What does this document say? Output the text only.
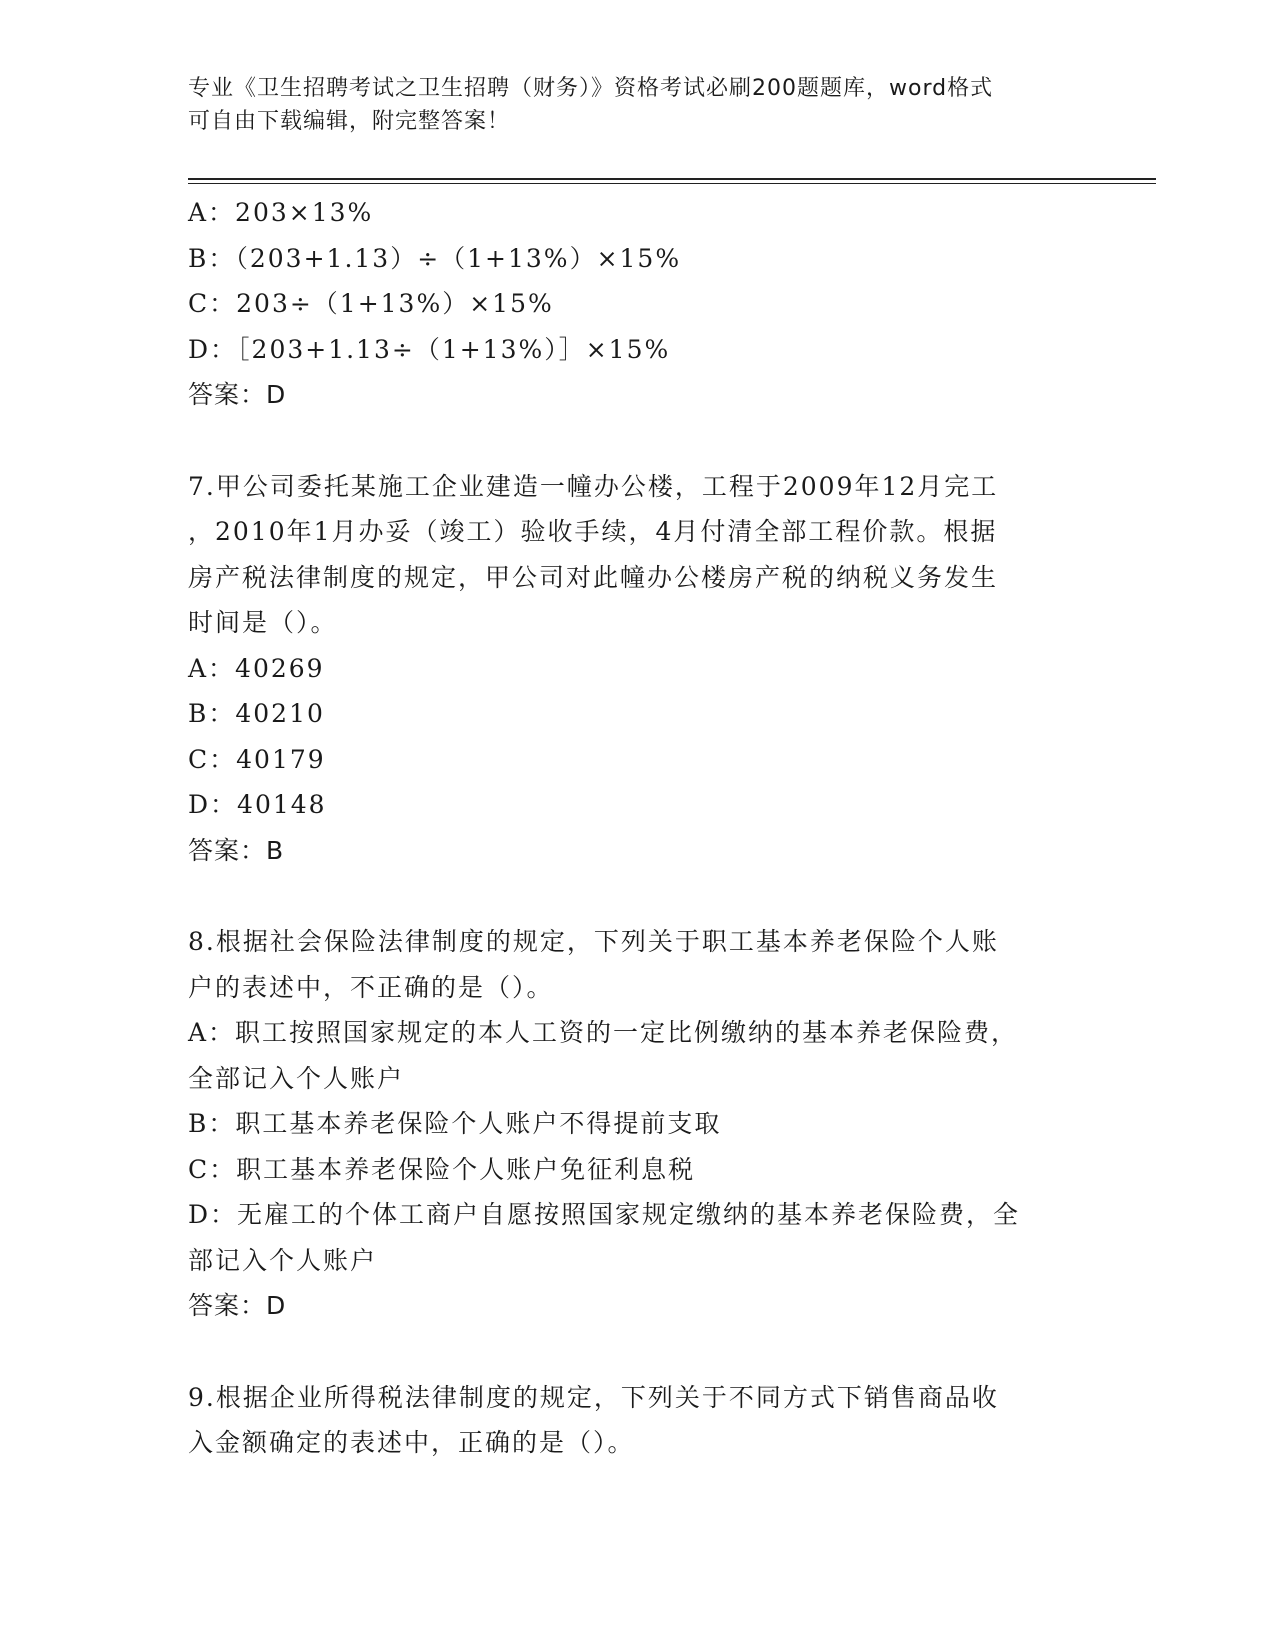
专业《卫生招聘考试之卫生招聘（财务）》资格考试必刷200题题库，word格式
可自由下载编辑，附完整答案！
A：203×13%
B：（203+1.13）÷（1+13%）×15%
C：203÷（1+13%）×15%
D：［203+1.13÷（1+13%）］×15%
答案：D
7.甲公司委托某施工企业建造一幢办公楼，工程于2009年12月完工
，2010年1月办妥（竣工）验收手续，4月付清全部工程价款。根据
房产税法律制度的规定，甲公司对此幢办公楼房产税的纳税义务发生
时间是（）。
A：40269
B：40210
C：40179
D：40148
答案：B
8.根据社会保险法律制度的规定，下列关于职工基本养老保险个人账
户的表述中，不正确的是（）。
A：职工按照国家规定的本人工资的一定比例缴纳的基本养老保险费，
全部记入个人账户
B：职工基本养老保险个人账户不得提前支取
C：职工基本养老保险个人账户免征利息税
D：无雇工的个体工商户自愿按照国家规定缴纳的基本养老保险费，全
部记入个人账户
答案：D
9.根据企业所得税法律制度的规定，下列关于不同方式下销售商品收
入金额确定的表述中，正确的是（）。
